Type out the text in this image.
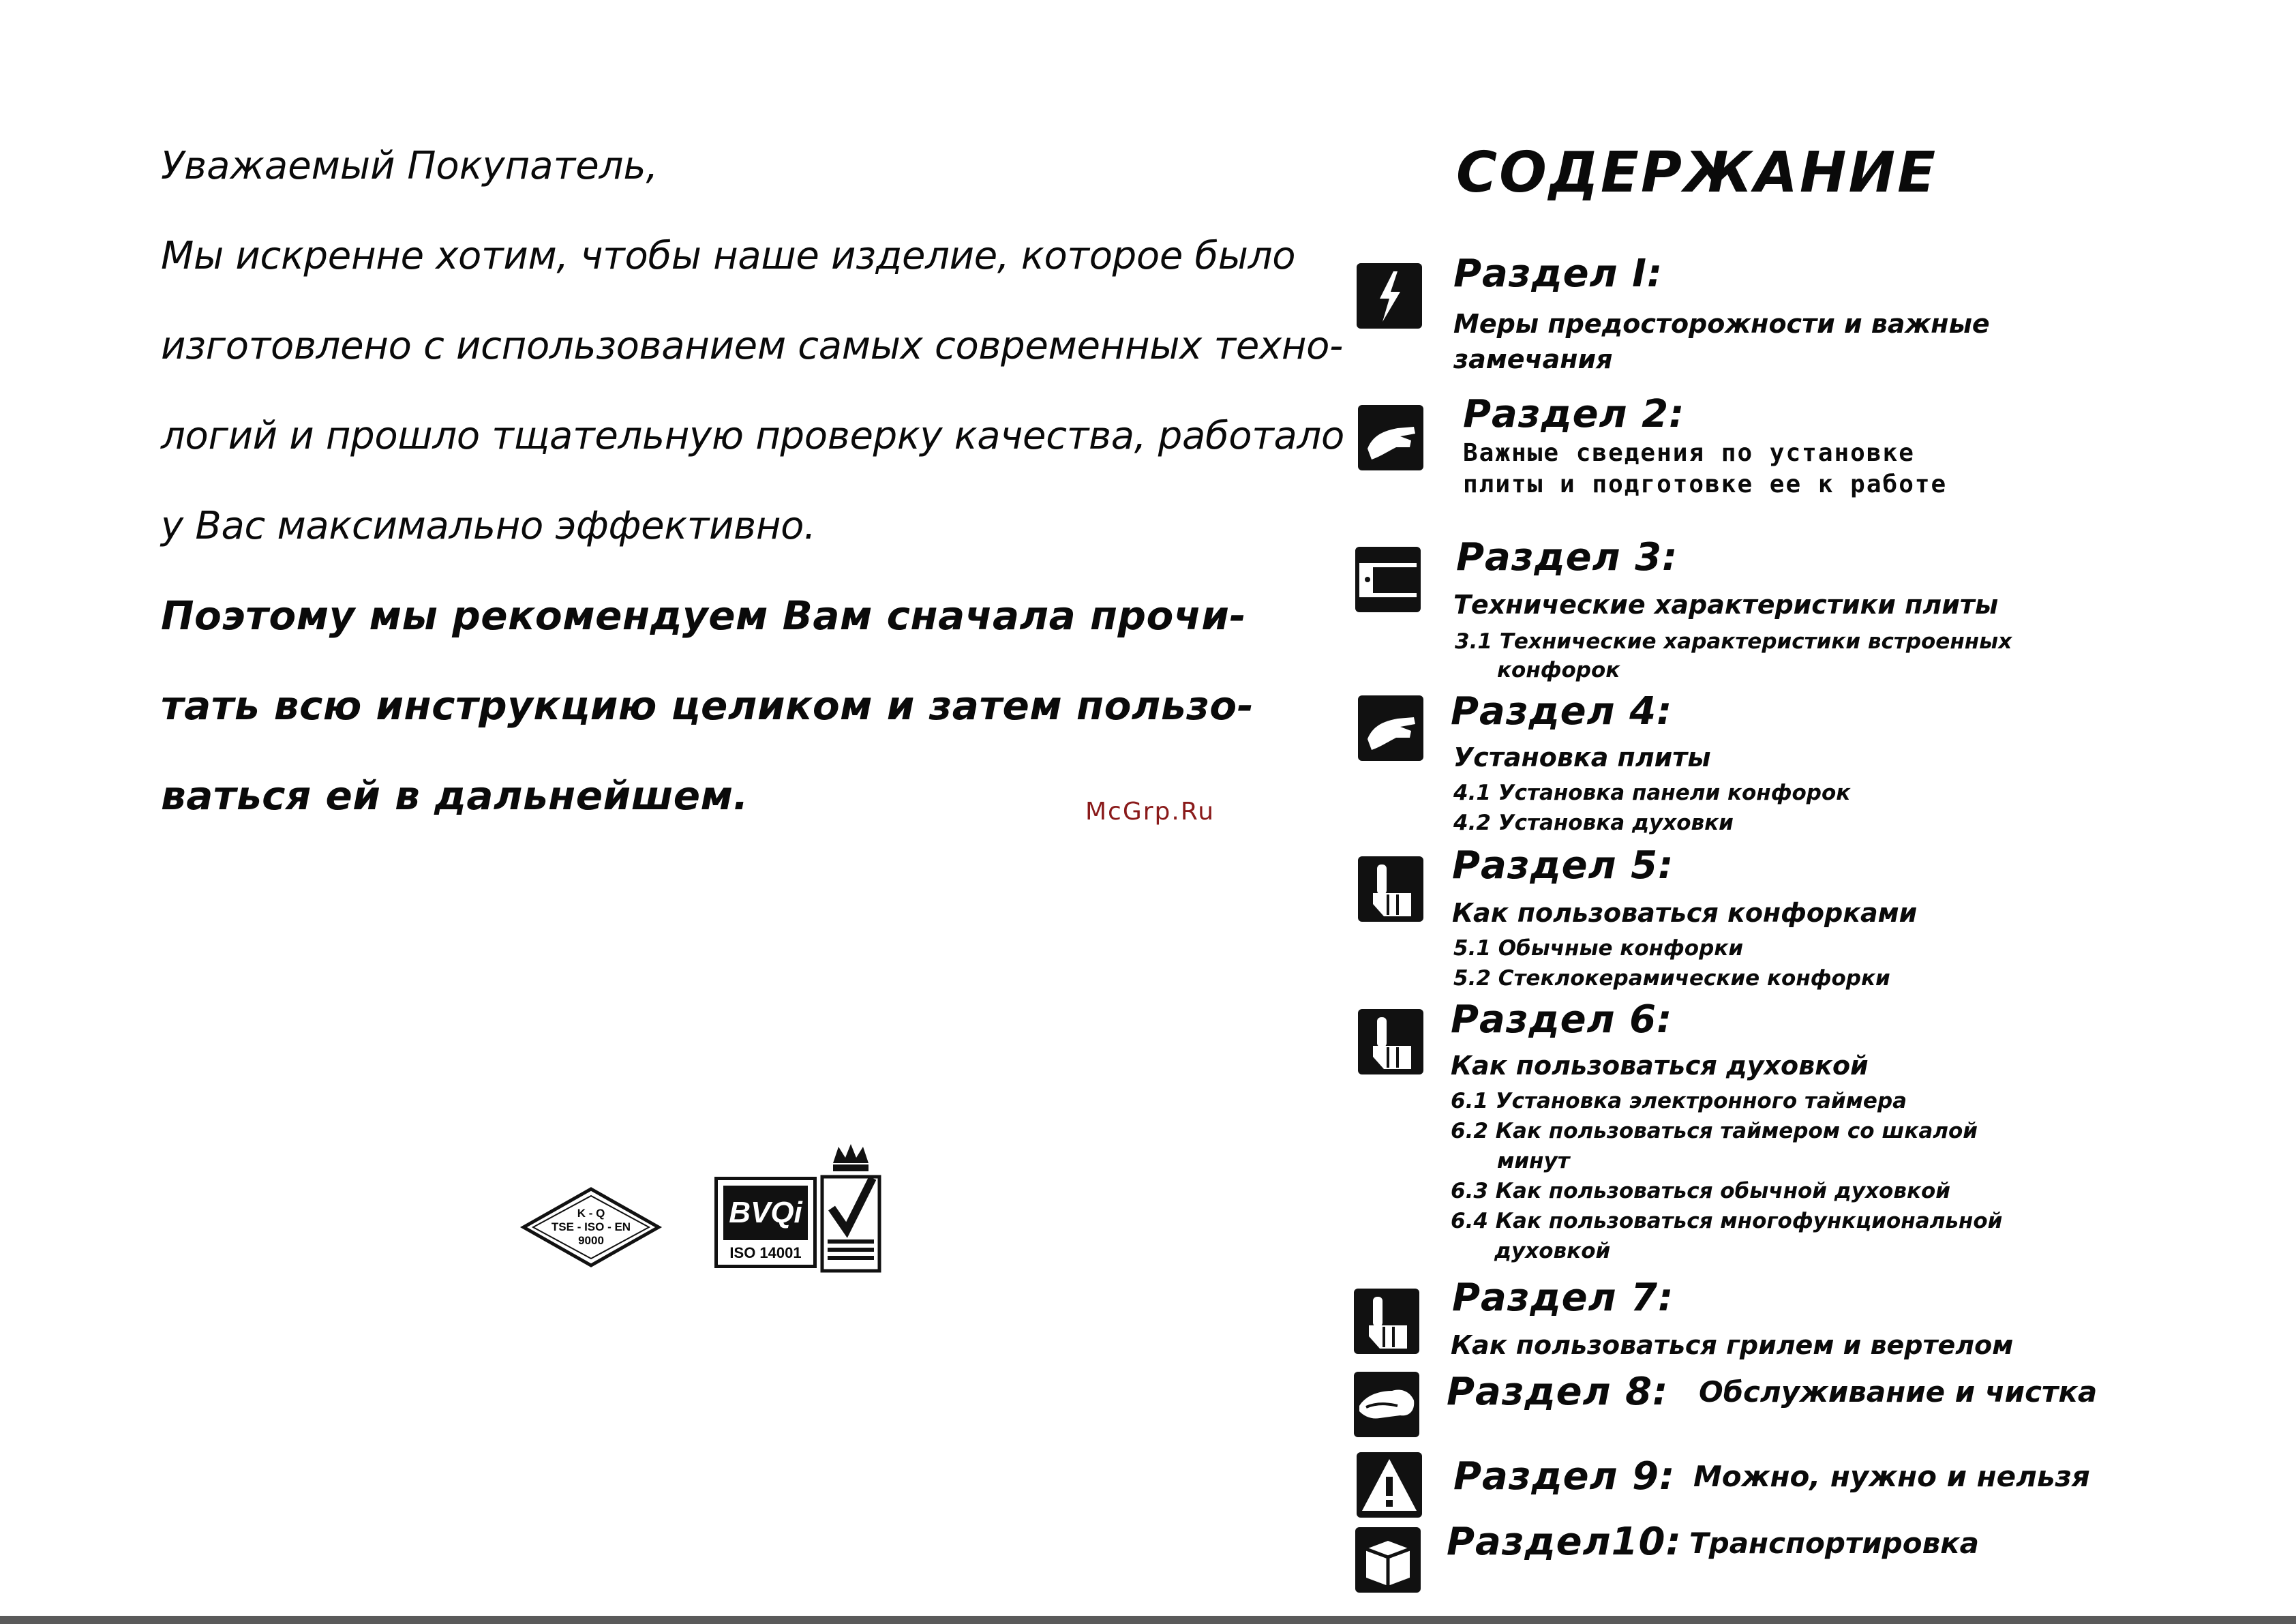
Уважаемый Покупатель,
Мы искренне хотим, чтобы наше изделие, которое было
изготовлено с использованием самых современных техно-
логий и прошло тщательную проверку качества, работало
у Вас максимально эффективно.
Поэтому мы рекомендуем Вам сначала прочи-
тать всю инструкцию целиком и затем пользо-
ваться ей в дальнейшем.	McGrp.Ru
K - Q
TSE - ISO - EN
9000
BVQi
ISO 14001
СОДЕРЖАНИЕ
Раздел I:
Меры предосторожности и важные
замечания
Раздел 2:
Важные сведения по установке
плиты и подготовке ее к работе
Раздел 3:
Технические характеристики плиты
3.1 Технические характеристики встроенных
конфорок
Раздел 4:
Установка плиты
4.1 Установка панели конфорок
4.2 Установка духовки
Раздел 5:
Как пользоваться конфорками
5.1 Обычные конфорки
5.2 Стеклокерамические конфорки
Раздел 6:
Как пользоваться духовкой
6.1 Установка электронного таймера
6.2 Как пользоваться таймером со шкалой
минут
6.3 Как пользоваться обычной духовкой
6.4 Как пользоваться многофункциональной
духовкой
Раздел 7:
Как пользоваться грилем и вертелом
Раздел 8: Обслуживание и чистка
Раздел 9: Можно, нужно и нельзя
Раздел10: Транспортировка
